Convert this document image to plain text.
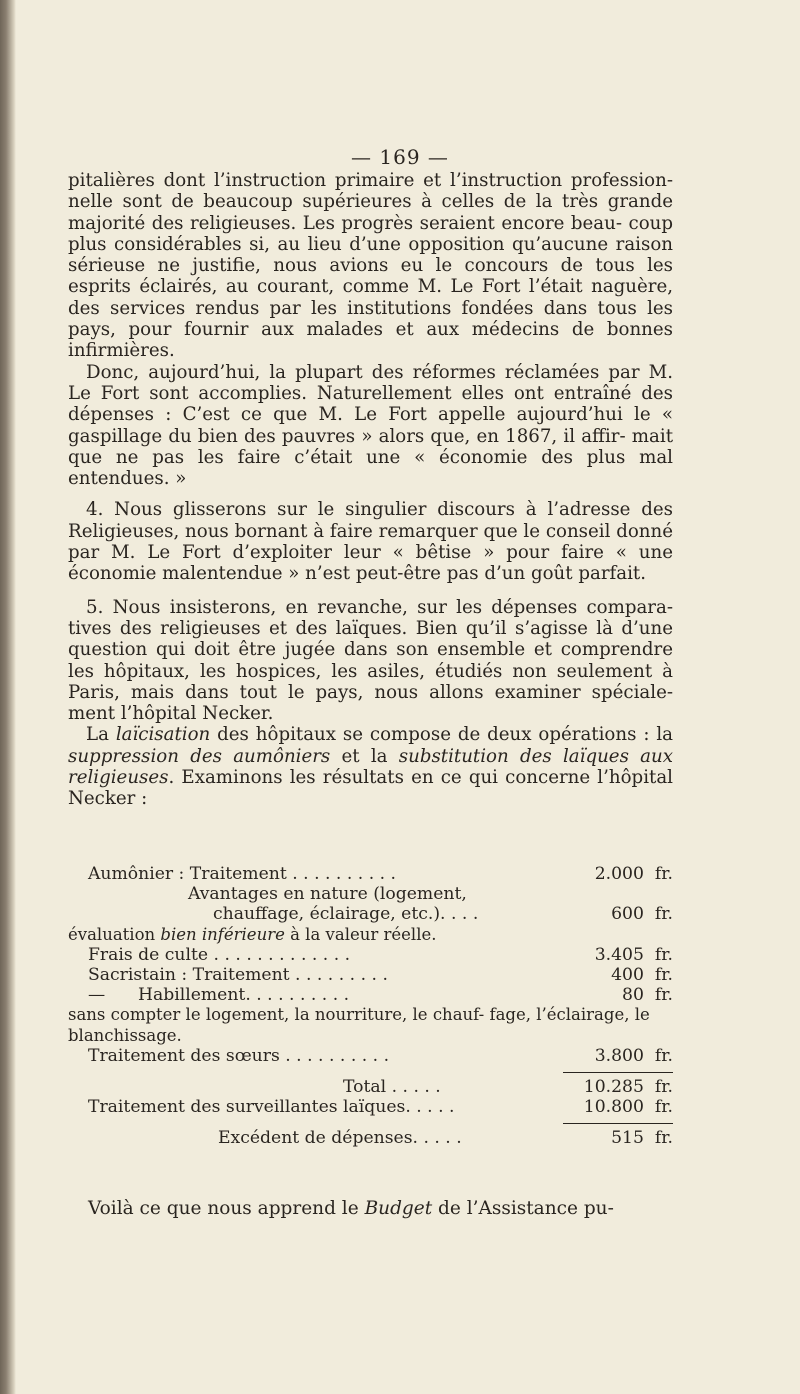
— 169 —

pitalières dont l’instruction primaire et l’instruction profession- nelle sont de beaucoup supérieures à celles de la très grande majorité des religieuses. Les progrès seraient encore beau- coup plus considérables si, au lieu d’une opposition qu’aucune raison sérieuse ne justifie, nous avions eu le concours de tous les esprits éclairés, au courant, comme M. Le Fort l’était naguère, des services rendus par les institutions fondées dans tous les pays, pour fournir aux malades et aux médecins de bonnes infirmières.

Donc, aujourd’hui, la plupart des réformes réclamées par M. Le Fort sont accomplies. Naturellement elles ont entraîné des dépenses : C’est ce que M. Le Fort appelle aujourd’hui le « gaspillage du bien des pauvres » alors que, en 1867, il affir- mait que ne pas les faire c’était une « économie des plus mal entendues. »

4. Nous glisserons sur le singulier discours à l’adresse des Religieuses, nous bornant à faire remarquer que le conseil donné par M. Le Fort d’exploiter leur « bêtise » pour faire « une économie malentendue » n’est peut-être pas d’un goût parfait.

5. Nous insisterons, en revanche, sur les dépenses compara- tives des religieuses et des laïques. Bien qu’il s’agisse là d’une question qui doit être jugée dans son ensemble et comprendre les hôpitaux, les hospices, les asiles, étudiés non seulement à Paris, mais dans tout le pays, nous allons examiner spéciale- ment l’hôpital Necker.

La laïcisation des hôpitaux se compose de deux opérations : la suppression des aumôniers et la substitution des laïques aux religieuses. Examinons les résultats en ce qui concerne l’hôpital Necker :

Aumônier : Traitement . . . . . . . . . .	2.000  fr.
Avantages en nature (logement,
chauffage, éclairage, etc.). . . .	600  fr.
évaluation bien inférieure à la valeur réelle.
Frais de culte . . . . . . . . . . . . .	3.405  fr.
Sacristain : Traitement . . . . . . . . .	400  fr.
—      Habillement. . . . . . . . . .	80  fr.
sans compter le logement, la nourriture, le chauf- fage, l’éclairage, le blanchissage.
Traitement des sœurs . . . . . . . . . .	3.800  fr.
Total . . . . .	10.285  fr.
Traitement des surveillantes laïques. . . . .	10.800  fr.
Excédent de dépenses. . . . .	515  fr.
Voilà ce que nous apprend le Budget de l’Assistance pu-
